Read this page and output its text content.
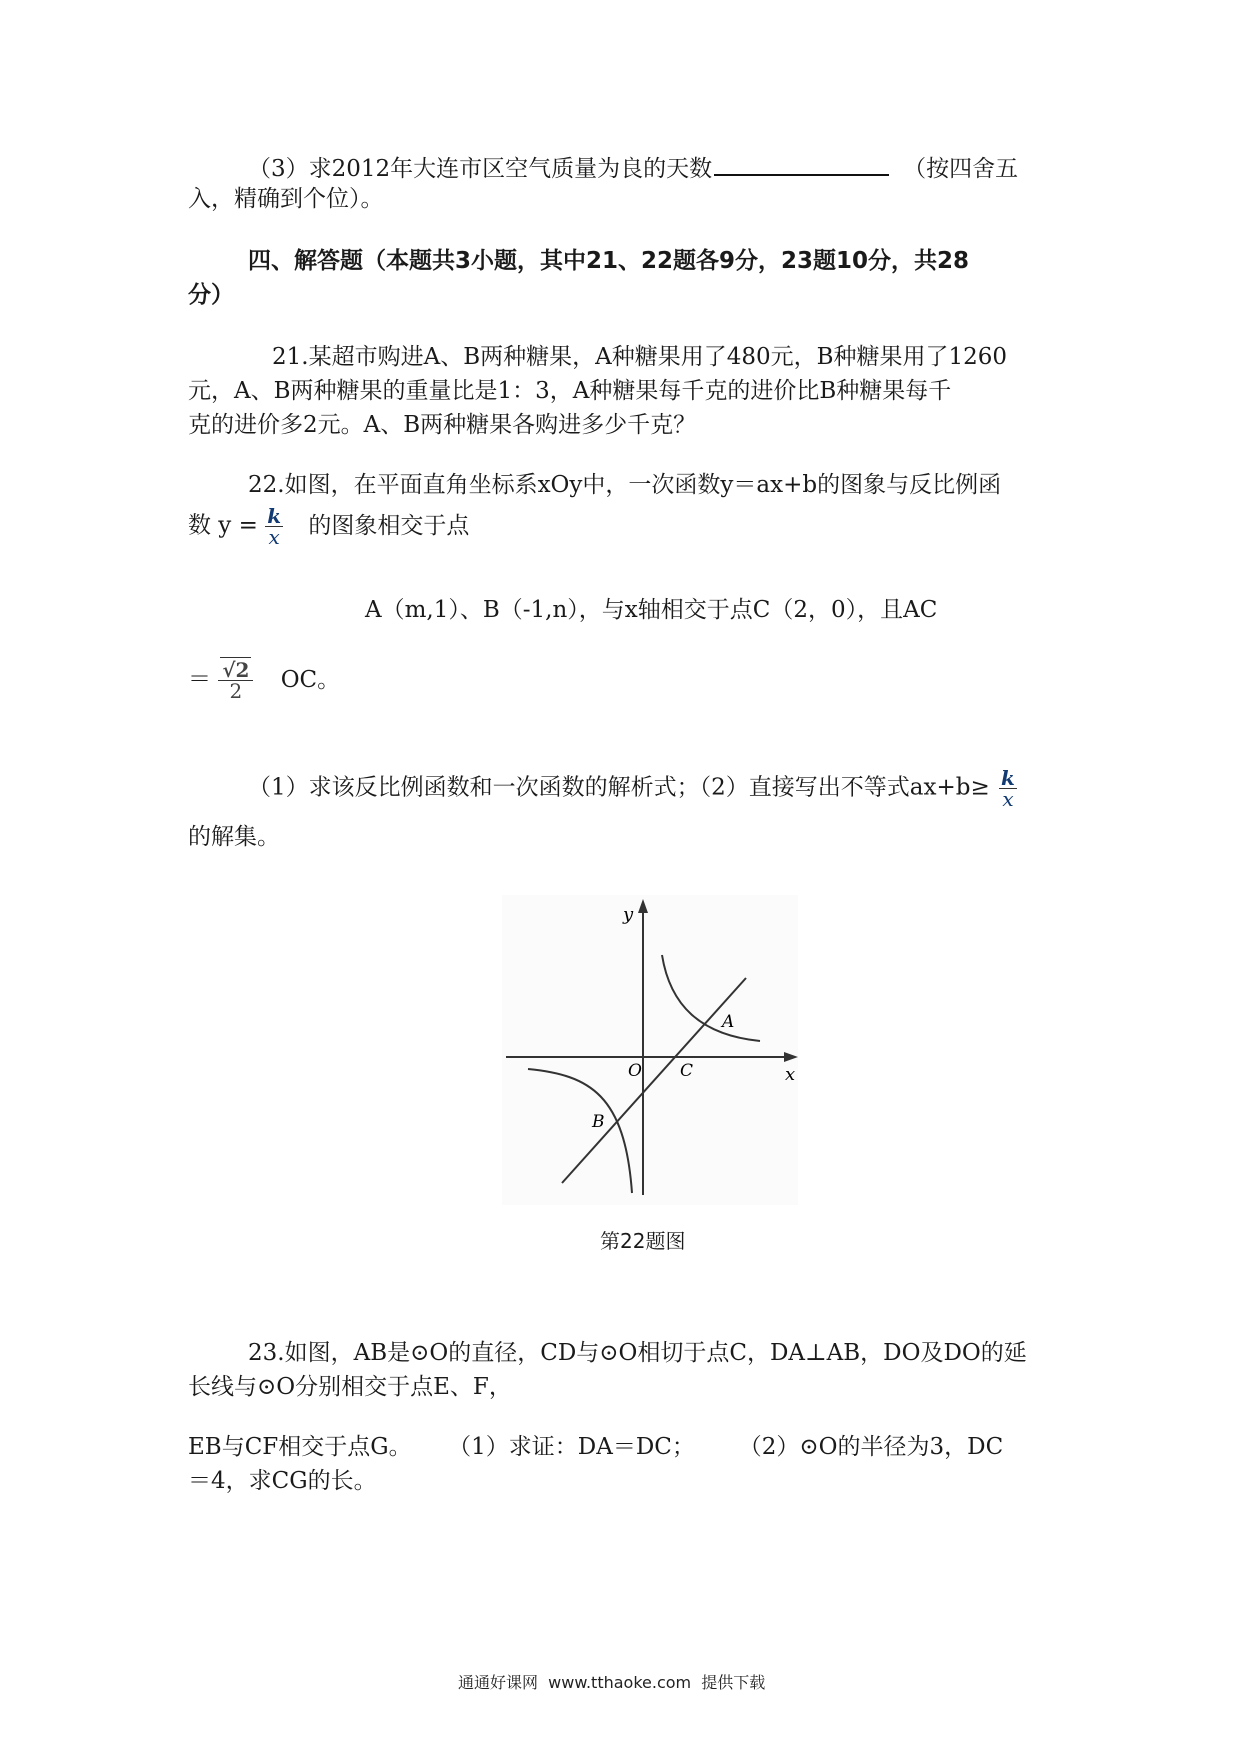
（3）求2012年大连市区空气质量为良的天数	（按四舍五
入，精确到个位）。
四、解答题（本题共3小题，其中21、22题各9分，23题10分，共28
分）
21.某超市购进A、B两种糖果，A种糖果用了480元，B种糖果用了1260
元，A、B两种糖果的重量比是1：3，A种糖果每千克的进价比B种糖果每千
克的进价多2元。A、B两种糖果各购进多少千克？
22.如图，在平面直角坐标系xOy中，一次函数y＝ax+b的图象与反比例函
数 $y = \frac{k}{x}$ 的图象相交于点
A（m,1）、B（-1,n），与x轴相交于点C（2，0），且AC
＝ $\frac{√2}{2}$ OC。
（1）求该反比例函数和一次函数的解析式；（2）直接写出不等式$ax+b\ge \frac{k}{x}$
的解集。
y
x
O C
A
B
第22题图
23.如图，AB是⊙O的直径，CD与⊙O相切于点C，DA⊥AB，DO及DO的延
长线与⊙O分别相交于点E、F，
EB与CF相交于点G。     （1）求证：DA＝DC；      （2）⊙O的半径为3，DC
＝4，求CG的长。
通通好课网  www.tthaoke.com  提供下载
